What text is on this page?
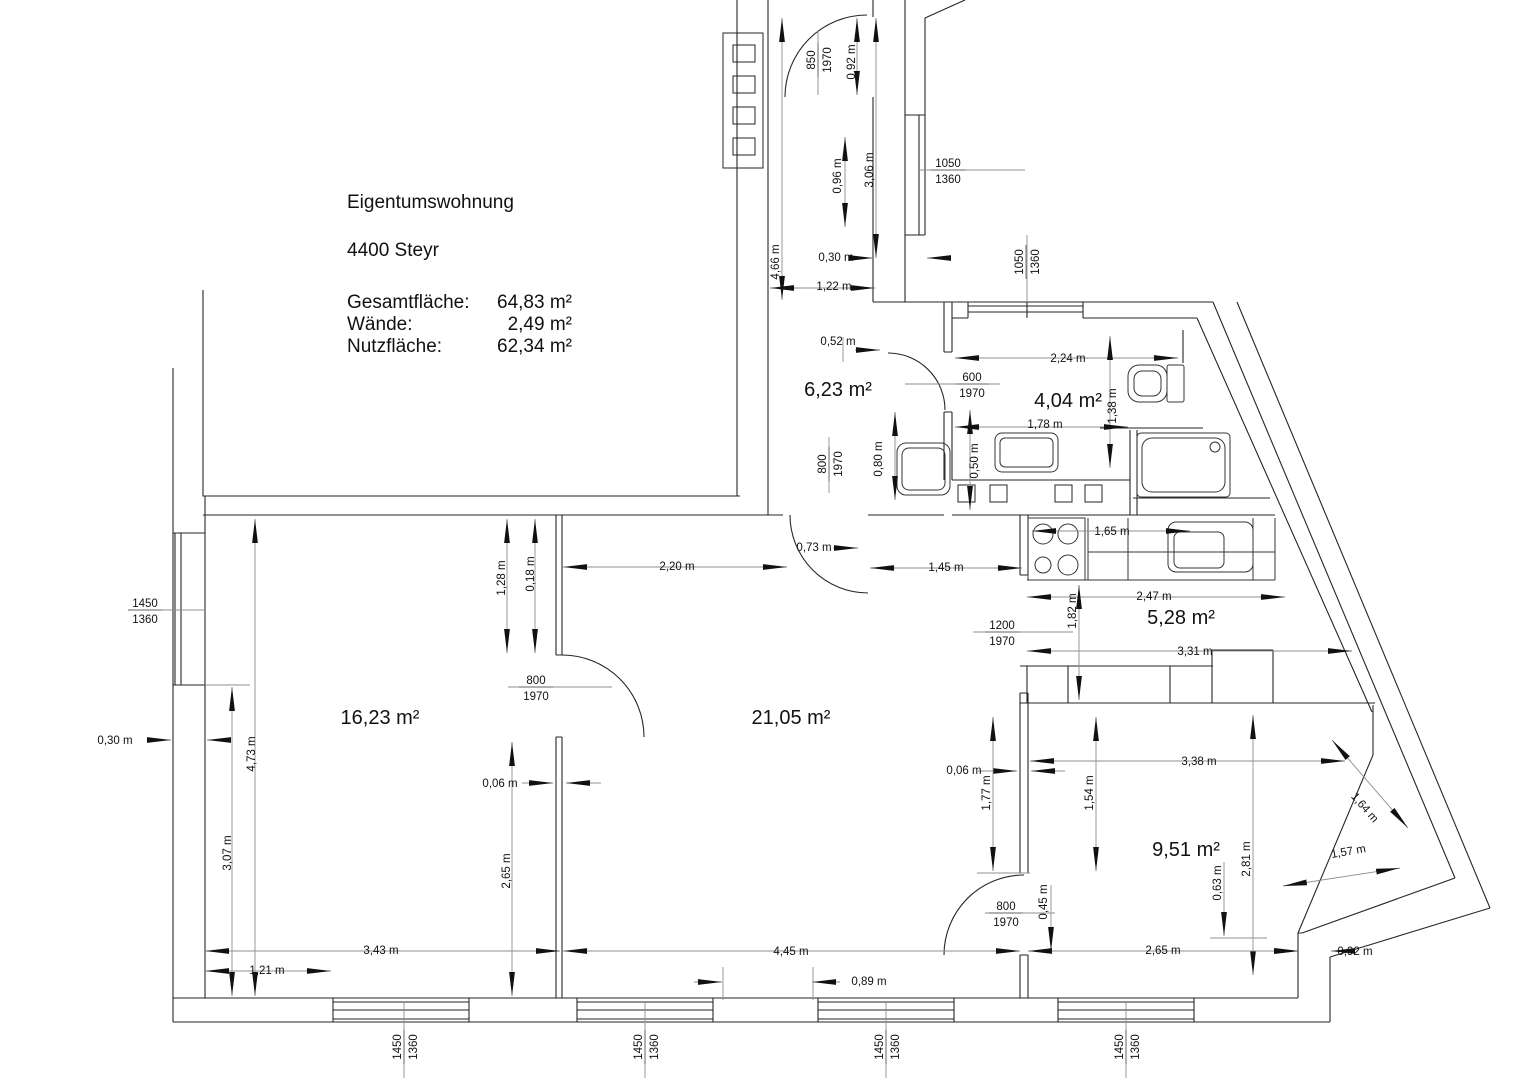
Eigentumswohnung
4400 Steyr
Gesamtfläche:	64,83 m²
Wände:	2,49 m²
Nutzfläche:	62,34 m²
6,23 m²	4,04 m²
5,28 m²
16,23 m²	21,05 m²
9,51 m²
0,92 m
0,96 m 3,06 m
4,66 m	0,30 m
1,22 m
0,52 m
2,24 m
1,78 m
1,38 m
0,80 m	0,50 m
0,73 m
1,45 m
1,65 m
2,47 m
1,82 m
3,31 m
0,30 m	4,73 m
3,07 m
1,28 m 0,18 m	2,20 m
0,06 m
2,65 m
0,06 m
1,77 m	1,54 m
3,38 m
2,81 m
0,63 m
1,64 m
1,57 m
0,45 m
3,43 m
1,21 m
4,45 m
0,89 m
2,65 m	0,92 m
850 1970
1050
1360
1050 1360
600
1970
800 1970
1450
1360
800
1970
1200
1970
800
1970
1450 1360	1450 1360	1450 1360	1450 1360
